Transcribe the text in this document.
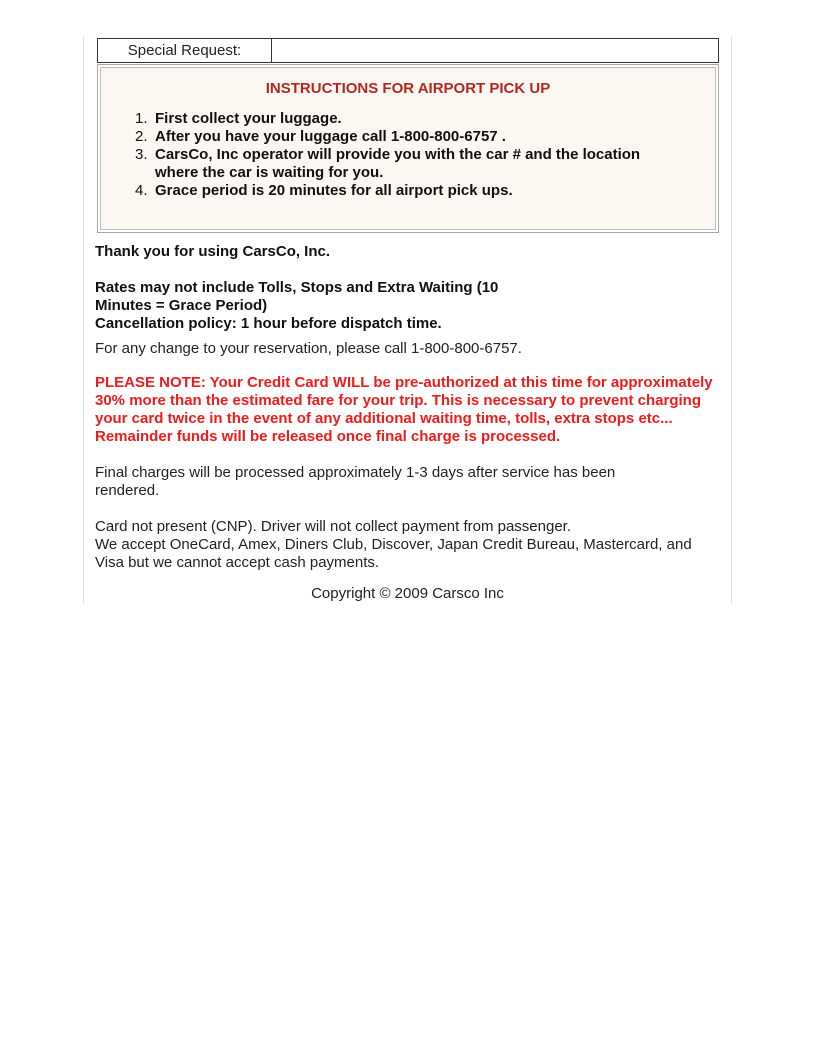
Special Request:	

INSTRUCTIONS FOR AIRPORT PICK UP

1. First collect your luggage.
2. After you have your luggage call 1-800-800-6757 .
3. CarsCo, Inc operator will provide you with the car # and the location where the car is waiting for you.
4. Grace period is 20 minutes for all airport pick ups.

Thank you for using CarsCo, Inc.

Rates may not include Tolls, Stops and Extra Waiting (10

Minutes = Grace Period)

Cancellation policy: 1 hour before dispatch time.

For any change to your reservation, please call 1-800-800-6757.

PLEASE NOTE: Your Credit Card WILL be pre-authorized at this time for approximately 30% more than the estimated fare for your trip. This is necessary to prevent charging your card twice in the event of any additional waiting time, tolls, extra stops etc... Remainder funds will be released once final charge is processed.

Final charges will be processed approximately 1-3 days after service has been rendered.

Card not present (CNP). Driver will not collect payment from passenger.

We accept OneCard, Amex, Diners Club, Discover, Japan Credit Bureau, Mastercard, and Visa but we cannot accept cash payments.

Copyright © 2009 Carsco Inc
